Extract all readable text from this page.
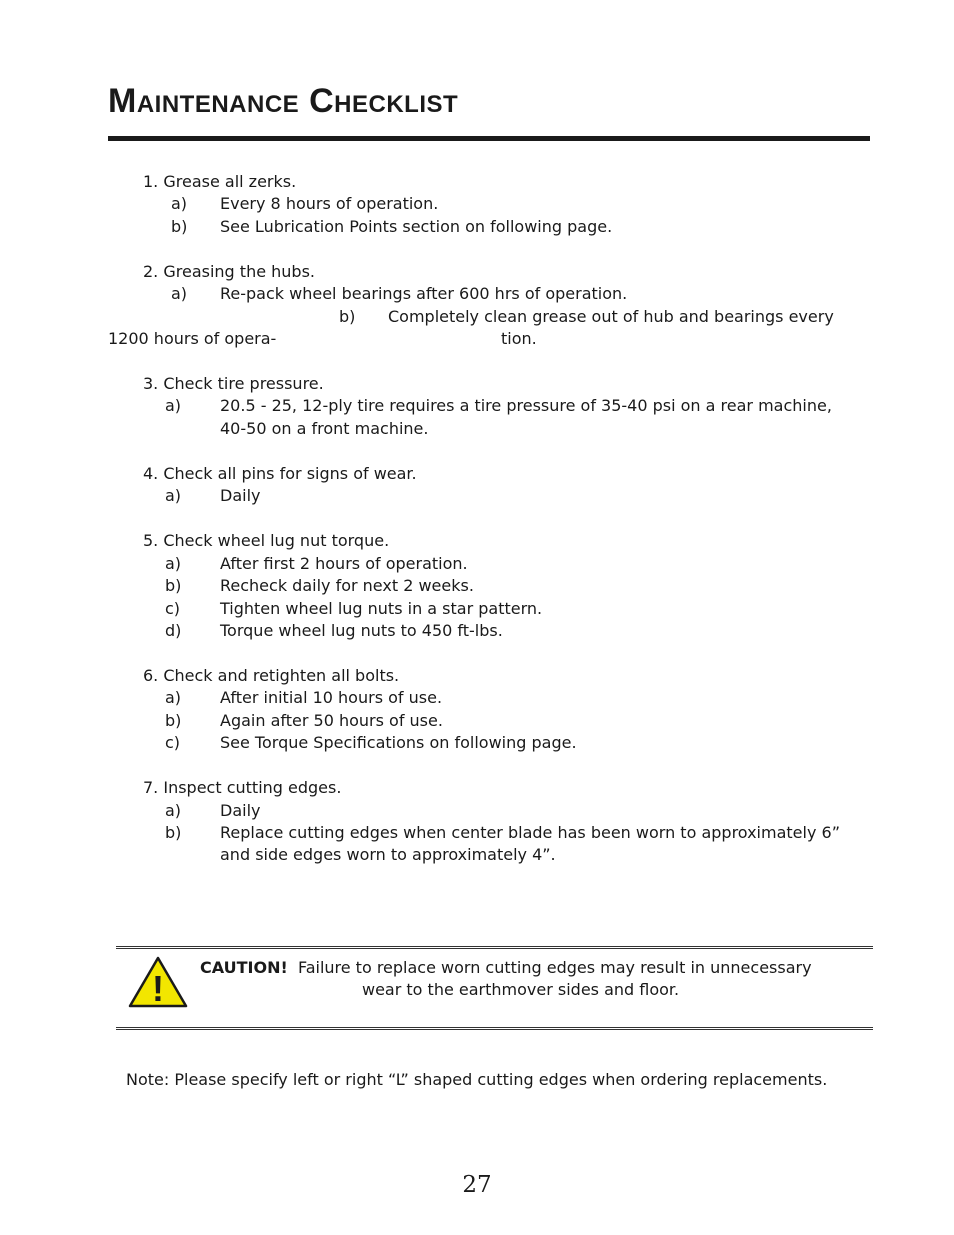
Maintenance Checklist

1. Grease all zerks.

a) Every 8 hours of operation.

b) See Lubrication Points section on following page.

2. Greasing the hubs.

a) Re-pack wheel bearings after 600 hrs of operation.

b) Completely clean grease out of hub and bearings every

1200 hours of opera-	tion.

3. Check tire pressure.

a) 20.5 - 25, 12-ply tire requires a tire pressure of 35-40 psi on a rear machine,

40-50 on a front machine.

4. Check all pins for signs of wear.

a) Daily

5. Check wheel lug nut torque.

a) After first 2 hours of operation.

b) Recheck daily for next 2 weeks.

c) Tighten wheel lug nuts in a star pattern.

d) Torque wheel lug nuts to 450 ft-lbs.

6. Check and retighten all bolts.

a) After initial 10 hours of use.

b) Again after 50 hours of use.

c) See Torque Specifications on following page.

7. Inspect cutting edges.

a) Daily

b) Replace cutting edges when center blade has been worn to approximately 6”

and side edges worn to approximately 4”.

!

CAUTION! Failure to replace worn cutting edges may result in unnecessary

wear to the earthmover sides and floor.

Note: Please specify left or right “L” shaped cutting edges when ordering replacements.

27
